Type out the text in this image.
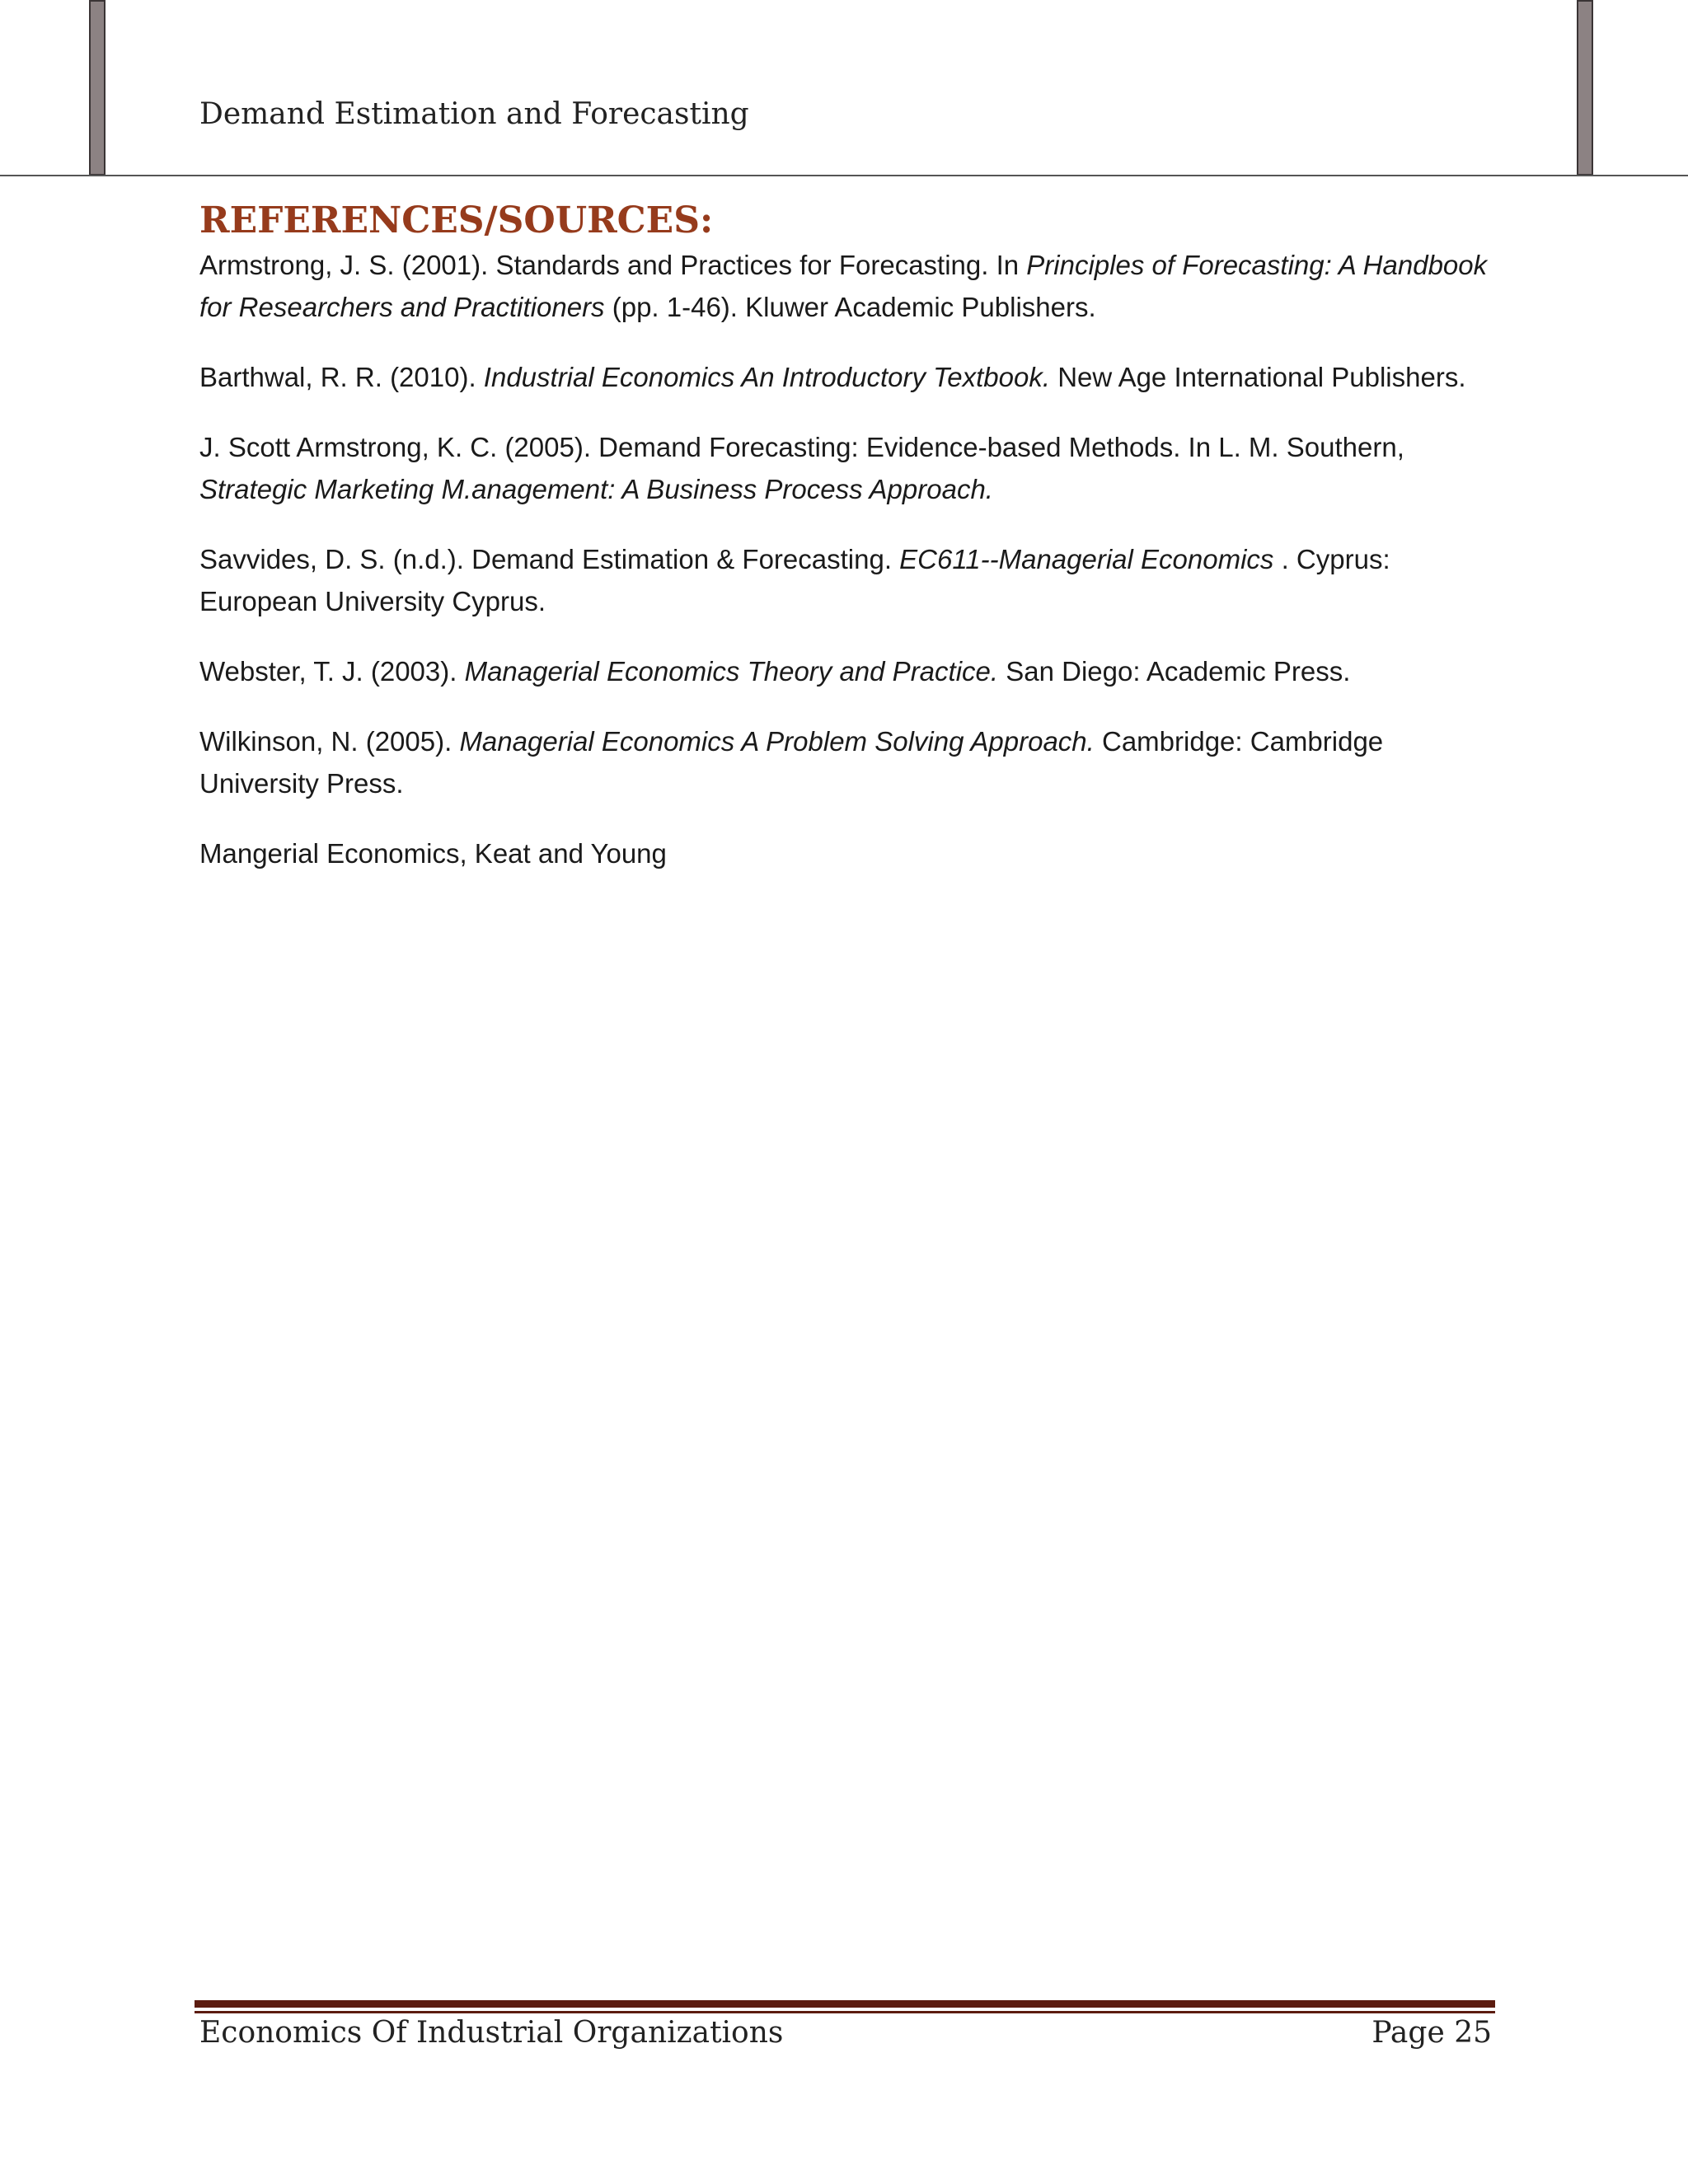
Demand Estimation and Forecasting
REFERENCES/SOURCES:

Armstrong, J. S. (2001). Standards and Practices for Forecasting. In Principles of Forecasting: A Handbook for Researchers and Practitioners (pp. 1-46). Kluwer Academic Publishers.

Barthwal, R. R. (2010). Industrial Economics An Introductory Textbook. New Age International Publishers.

J. Scott Armstrong, K. C. (2005). Demand Forecasting: Evidence-based Methods. In L. M. Southern, Strategic Marketing M.anagement: A Business Process Approach.

Savvides, D. S. (n.d.). Demand Estimation & Forecasting. EC611--Managerial Economics . Cyprus: European University Cyprus.

Webster, T. J. (2003). Managerial Economics Theory and Practice. San Diego: Academic Press.

Wilkinson, N. (2005). Managerial Economics A Problem Solving Approach. Cambridge: Cambridge University Press.

Mangerial Economics, Keat and Young

Economics Of Industrial Organizations	Page 25
